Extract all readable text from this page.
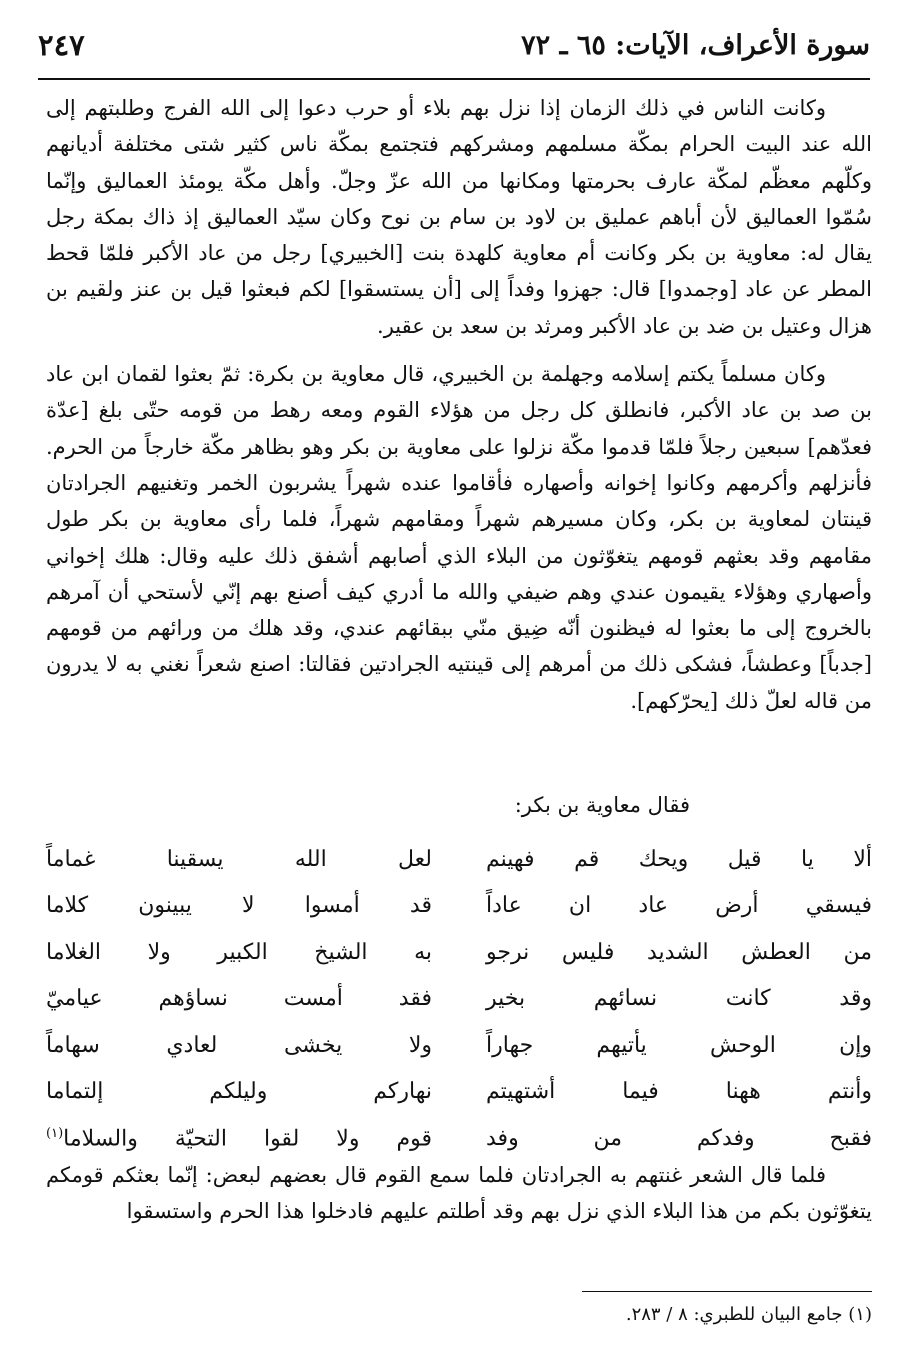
سورة الأعراف، الآيات: ٦٥ ـ ٧٢
٢٤٧

وكانت الناس في ذلك الزمان إذا نزل بهم بلاء أو حرب دعوا إلى الله الفرج وطلبتهم إلى الله عند البيت الحرام بمكّة مسلمهم ومشركهم فتجتمع بمكّة ناس كثير شتى مختلفة أديانهم وكلّهم معظّم لمكّة عارف بحرمتها ومكانها من الله عزّ وجلّ. وأهل مكّة يومئذ العماليق وإنّما سُمّوا العماليق لأن أباهم عمليق بن لاود بن سام بن نوح وكان سيّد العماليق إذ ذاك بمكة رجل يقال له: معاوية بن بكر وكانت أم معاوية كلهدة بنت [الخبيري] رجل من عاد الأكبر فلمّا قحط المطر عن عاد [وجمدوا] قال: جهزوا وفداً إلى [أن يستسقوا] لكم فبعثوا قيل بن عنز ولقيم بن هزال وعتيل بن ضد بن عاد الأكبر ومرثد بن سعد بن عقير.

وكان مسلماً يكتم إسلامه وجهلمة بن الخبيري، قال معاوية بن بكرة: ثمّ بعثوا لقمان ابن عاد بن صد بن عاد الأكبر، فانطلق كل رجل من هؤلاء القوم ومعه رهط من قومه حتّى بلغ [عدّة فعدّهم] سبعين رجلاً فلمّا قدموا مكّة نزلوا على معاوية بن بكر وهو بظاهر مكّة خارجاً من الحرم. فأنزلهم وأكرمهم وكانوا إخوانه وأصهاره فأقاموا عنده شهراً يشربون الخمر وتغنيهم الجرادتان قينتان لمعاوية بن بكر، وكان مسيرهم شهراً ومقامهم شهراً، فلما رأى معاوية بن بكر طول مقامهم وقد بعثهم قومهم يتغوّثون من البلاء الذي أصابهم أشفق ذلك عليه وقال: هلك إخواني وأصهاري وهؤلاء يقيمون عندي وهم ضيفي والله ما أدري كيف أصنع بهم إنّي لأستحي أن آمرهم بالخروج إلى ما بعثوا له فيظنون أنّه ضِيق منّي ببقائهم عندي، وقد هلك من ورائهم من قومهم [جدباً] وعطشاً، فشكى ذلك من أمرهم إلى قينتيه الجرادتين فقالتا: اصنع شعراً نغني به لا يدرون من قاله لعلّ ذلك [يحرّكهم].

فقال معاوية بن بكر:
ألا يا قيل ويحك قم فهينم
لعل الله يسقينا غماماً
فيسقي أرض عاد ان عاداً
قد أمسوا لا يبينون كلاما
من العطش الشديد فليس نرجو
به الشيخ الكبير ولا الغلاما
وقد كانت نسائهم بخير
فقد أمست نساؤهم عياميّ
وإن الوحش يأتيهم جهاراً
ولا يخشى لعادي سهاماً
وأنتم ههنا فيما أشتهيتم
نهاركم وليلكم إلتماما
فقبح وفدكم من وفد
قوم ولا لقوا التحيّة والسلاما$^{(١)}$

فلما قال الشعر غنتهم به الجرادتان فلما سمع القوم قال بعضهم لبعض: إنّما بعثكم قومكم يتغوّثون بكم من هذا البلاء الذي نزل بهم وقد أطلتم عليهم فادخلوا هذا الحرم واستسقوا

(١) جامع البيان للطبري: ٨ / ٢٨٣.
